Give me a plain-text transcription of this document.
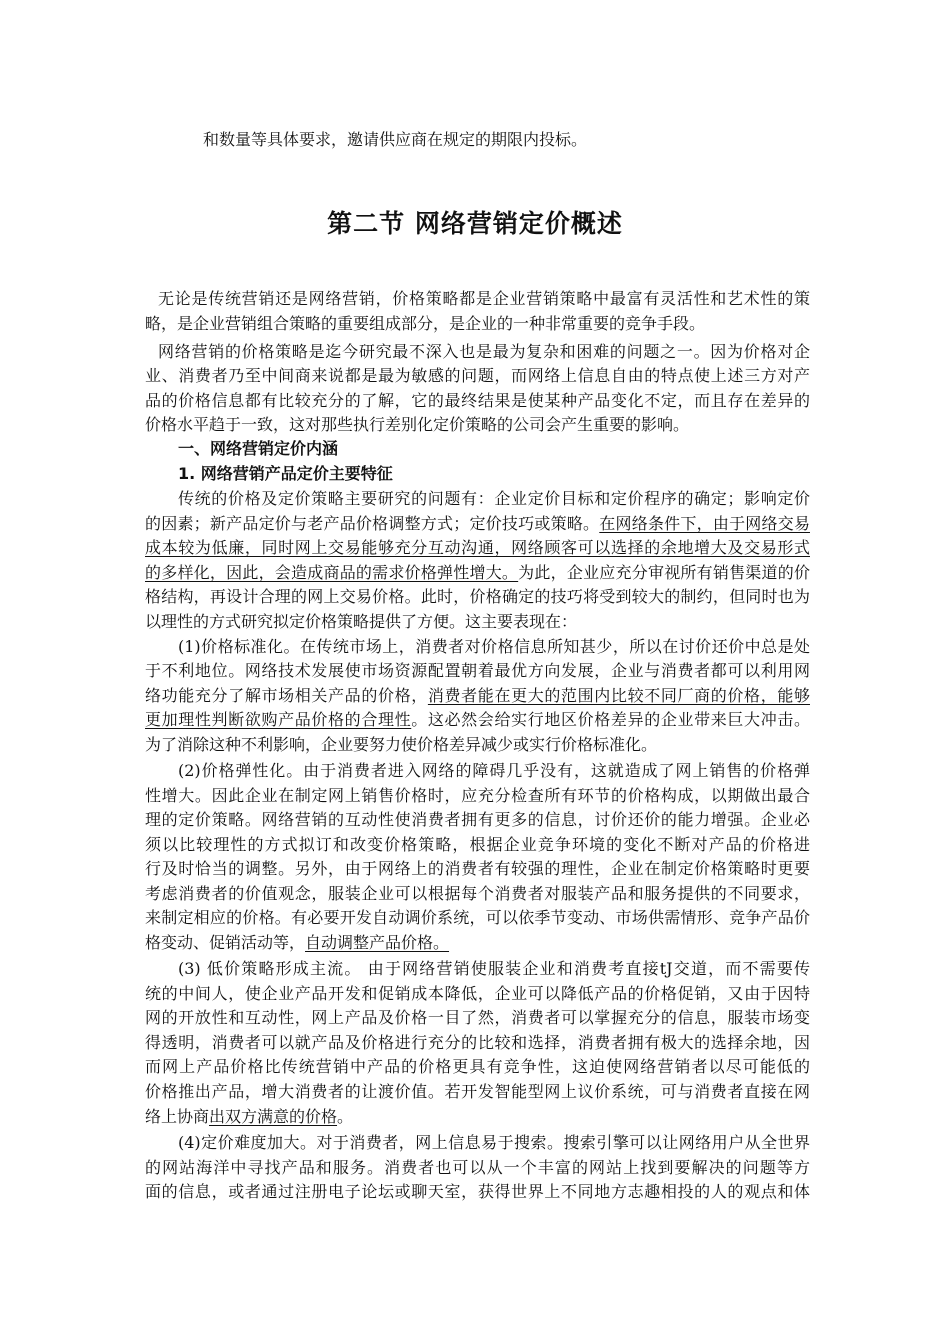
和数量等具体要求，邀请供应商在规定的期限内投标。
第二节 网络营销定价概述
无论是传统营销还是网络营销，价格策略都是企业营销策略中最富有灵活性和艺术性的策
略，是企业营销组合策略的重要组成部分，是企业的一种非常重要的竞争手段。
网络营销的价格策略是迄今研究最不深入也是最为复杂和困难的问题之一。因为价格对企
业、消费者乃至中间商来说都是最为敏感的问题，而网络上信息自由的特点使上述三方对产
品的价格信息都有比较充分的了解，它的最终结果是使某种产品变化不定，而且存在差异的
价格水平趋于一致，这对那些执行差别化定价策略的公司会产生重要的影响。
一、网络营销定价内涵
1. 网络营销产品定价主要特征
传统的价格及定价策略主要研究的问题有：企业定价目标和定价程序的确定；影响定价
的因素；新产品定价与老产品价格调整方式；定价技巧或策略。在网络条件下，由于网络交易
成本较为低廉，同时网上交易能够充分互动沟通，网络顾客可以选择的余地增大及交易形式
的多样化，因此，会造成商品的需求价格弹性增大。为此，企业应充分审视所有销售渠道的价
格结构，再设计合理的网上交易价格。此时，价格确定的技巧将受到较大的制约，但同时也为
以理性的方式研究拟定价格策略提供了方便。这主要表现在：
(1)价格标准化。在传统市场上，消费者对价格信息所知甚少，所以在讨价还价中总是处
于不利地位。网络技术发展使市场资源配置朝着最优方向发展，企业与消费者都可以利用网
络功能充分了解市场相关产品的价格，消费者能在更大的范围内比较不同厂商的价格，能够
更加理性判断欲购产品价格的合理性。这必然会给实行地区价格差异的企业带来巨大冲击。
为了消除这种不利影响，企业要努力使价格差异减少或实行价格标准化。
(2)价格弹性化。由于消费者进入网络的障碍几乎没有，这就造成了网上销售的价格弹
性增大。因此企业在制定网上销售价格时，应充分检查所有环节的价格构成，以期做出最合
理的定价策略。网络营销的互动性使消费者拥有更多的信息，讨价还价的能力增强。企业必
须以比较理性的方式拟订和改变价格策略，根据企业竞争环境的变化不断对产品的价格进
行及时恰当的调整。另外，由于网络上的消费者有较强的理性，企业在制定价格策略时更要
考虑消费者的价值观念，服装企业可以根据每个消费者对服装产品和服务提供的不同要求，
来制定相应的价格。有必要开发自动调价系统，可以依季节变动、市场供需情形、竞争产品价
格变动、促销活动等，自动调整产品价格。
(3) 低价策略形成主流。 由于网络营销使服装企业和消费考直接tJ交道，而不需要传
统的中间人，使企业产品开发和促销成本降低，企业可以降低产品的价格促销，又由于因特
网的开放性和互动性，网上产品及价格一目了然，消费者可以掌握充分的信息，服装市场变
得透明，消费者可以就产品及价格进行充分的比较和选择，消费者拥有极大的选择余地，因
而网上产品价格比传统营销中产品的价格更具有竞争性，这迫使网络营销者以尽可能低的
价格推出产品，增大消费者的让渡价值。若开发智能型网上议价系统，可与消费者直接在网
络上协商出双方满意的价格。
(4)定价难度加大。对于消费者，网上信息易于搜索。搜索引擎可以让网络用户从全世界
的网站海洋中寻找产品和服务。消费者也可以从一个丰富的网站上找到要解决的问题等方
面的信息，或者通过注册电子论坛或聊天室，获得世界上不同地方志趣相投的人的观点和体
